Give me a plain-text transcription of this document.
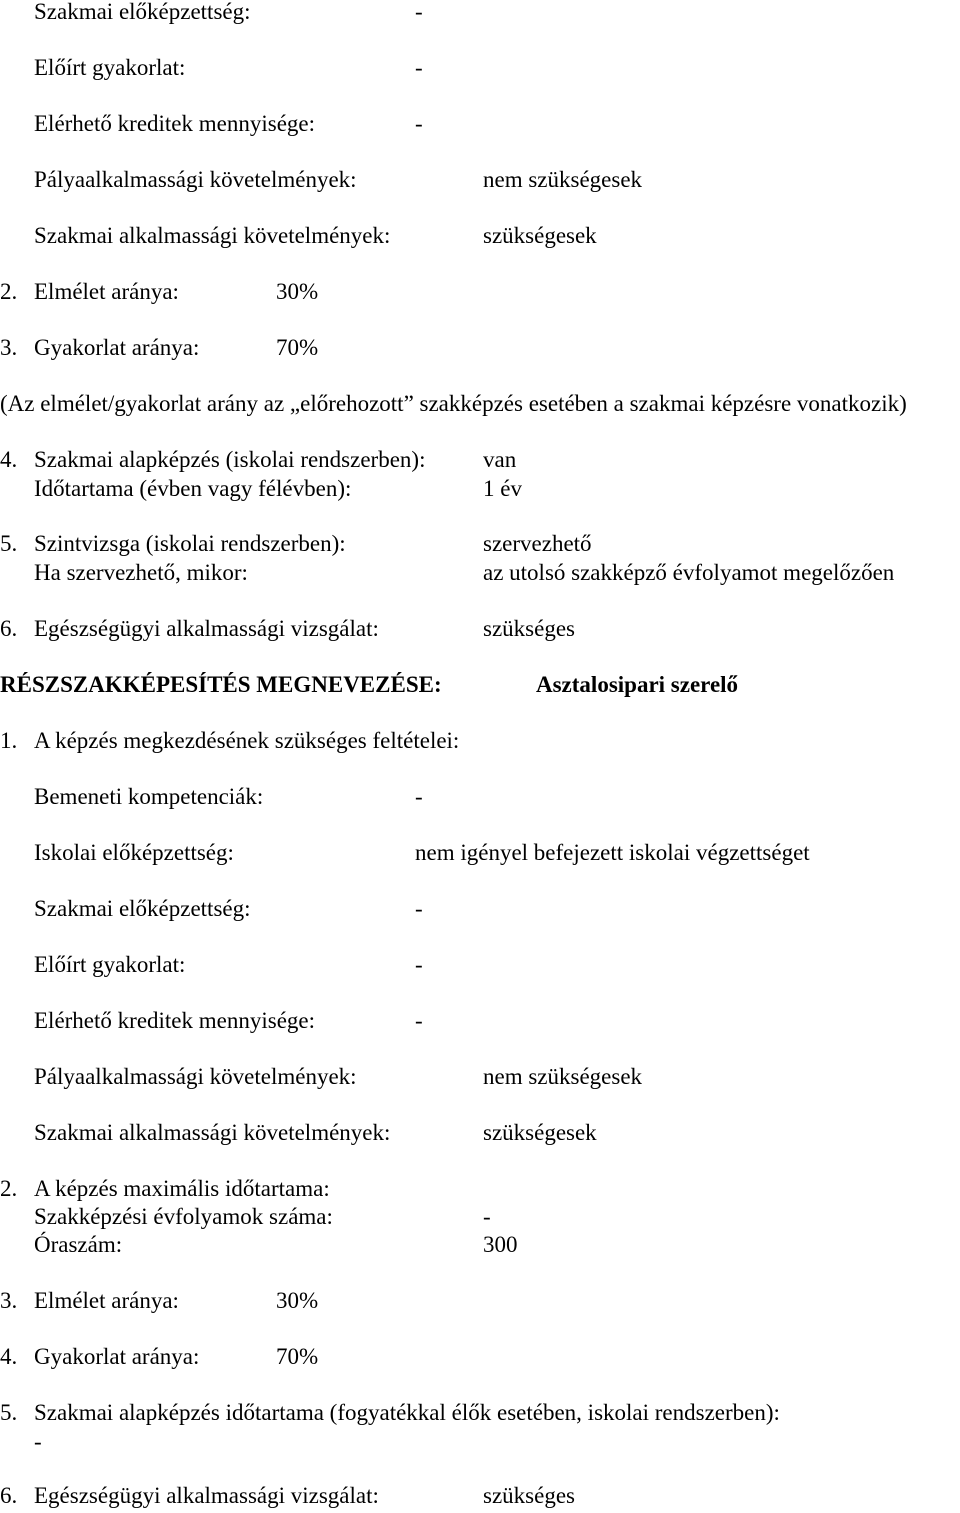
Szakmai előképzettség:	-
Előírt gyakorlat:	-
Elérhető kreditek mennyisége:	-
Pályaalkalmassági követelmények:	nem szükségesek
Szakmai alkalmassági követelmények:	szükségesek
2. Elmélet aránya:	30%
3. Gyakorlat aránya:	70%
(Az elmélet/gyakorlat arány az „előrehozott” szakképzés esetében a szakmai képzésre vonatkozik)
4. Szakmai alapképzés (iskolai rendszerben):	van
Időtartama (évben vagy félévben):	1 év
5. Szintvizsga (iskolai rendszerben):	szervezhető
Ha szervezhető, mikor:	az utolsó szakképző évfolyamot megelőzően
6. Egészségügyi alkalmassági vizsgálat:	szükséges
RÉSZSZAKKÉPESÍTÉS MEGNEVEZÉSE:	Asztalosipari szerelő
1. A képzés megkezdésének szükséges feltételei:
Bemeneti kompetenciák:	-
Iskolai előképzettség:	nem igényel befejezett iskolai végzettséget
Szakmai előképzettség:	-
Előírt gyakorlat:	-
Elérhető kreditek mennyisége:	-
Pályaalkalmassági követelmények:	nem szükségesek
Szakmai alkalmassági követelmények:	szükségesek
2. A képzés maximális időtartama:
Szakképzési évfolyamok száma:	-
Óraszám:	300
3. Elmélet aránya:	30%
4. Gyakorlat aránya:	70%
5. Szakmai alapképzés időtartama (fogyatékkal élők esetében, iskolai rendszerben):
-
6. Egészségügyi alkalmassági vizsgálat:	szükséges
